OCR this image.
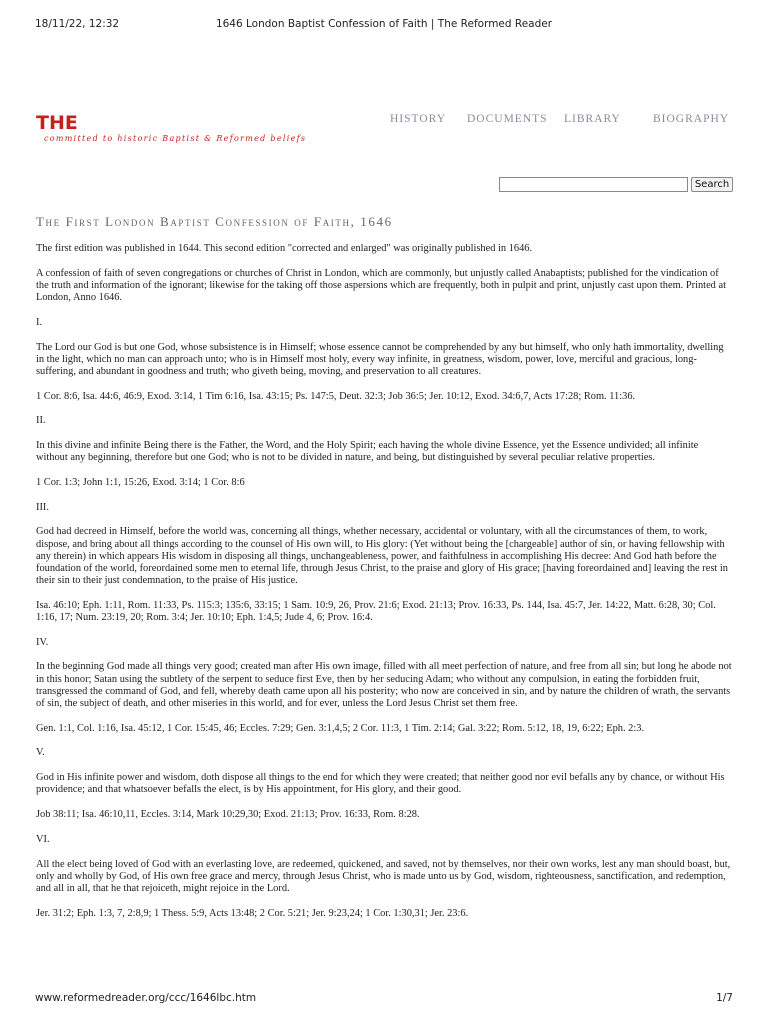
18/11/22, 12:32	1646 London Baptist Confession of Faith | The Reformed Reader
THE
committed to historic Baptist & Reformed beliefs
HISTORY DOCUMENTS LIBRARY	BIOGRAPHY
Search
The First London Baptist Confession of Faith, 1646

The first edition was published in 1644. This second edition "corrected and enlarged" was originally published in 1646.

A confession of faith of seven congregations or churches of Christ in London, which are commonly, but unjustly called Anabaptists; published for the vindication of the truth and information of the ignorant; likewise for the taking off those aspersions which are frequently, both in pulpit and print, unjustly cast upon them. Printed at London, Anno 1646.

I.

The Lord our God is but one God, whose subsistence is in Himself; whose essence cannot be comprehended by any but himself, who only hath immortality, dwelling in the light, which no man can approach unto; who is in Himself most holy, every way infinite, in greatness, wisdom, power, love, merciful and gracious, long-suffering, and abundant in goodness and truth; who giveth being, moving, and preservation to all creatures.

1 Cor. 8:6, Isa. 44:6, 46:9, Exod. 3:14, 1 Tim 6:16, Isa. 43:15; Ps. 147:5, Deut. 32:3; Job 36:5; Jer. 10:12, Exod. 34:6,7, Acts 17:28; Rom. 11:36.

II.

In this divine and infinite Being there is the Father, the Word, and the Holy Spirit; each having the whole divine Essence, yet the Essence undivided; all infinite without any beginning, therefore but one God; who is not to be divided in nature, and being, but distinguished by several peculiar relative properties.

1 Cor. 1:3; John 1:1, 15:26, Exod. 3:14; 1 Cor. 8:6

III.

God had decreed in Himself, before the world was, concerning all things, whether necessary, accidental or voluntary, with all the circumstances of them, to work, dispose, and bring about all things according to the counsel of His own will, to His glory: (Yet without being the [chargeable] author of sin, or having fellowship with any therein) in which appears His wisdom in disposing all things, unchangeableness, power, and faithfulness in accomplishing His decree: And God hath before the foundation of the world, foreordained some men to eternal life, through Jesus Christ, to the praise and glory of His grace; [having foreordained and] leaving the rest in their sin to their just condemnation, to the praise of His justice.

Isa. 46:10; Eph. 1:11, Rom. 11:33, Ps. 115:3; 135:6, 33:15; 1 Sam. 10:9, 26, Prov. 21:6; Exod. 21:13; Prov. 16:33, Ps. 144, Isa. 45:7, Jer. 14:22, Matt. 6:28, 30; Col. 1:16, 17; Num. 23:19, 20; Rom. 3:4; Jer. 10:10; Eph. 1:4,5; Jude 4, 6; Prov. 16:4.

IV.

In the beginning God made all things very good; created man after His own image, filled with all meet perfection of nature, and free from all sin; but long he abode not in this honor; Satan using the subtlety of the serpent to seduce first Eve, then by her seducing Adam; who without any compulsion, in eating the forbidden fruit, transgressed the command of God, and fell, whereby death came upon all his posterity; who now are conceived in sin, and by nature the children of wrath, the servants of sin, the subject of death, and other miseries in this world, and for ever, unless the Lord Jesus Christ set them free.

Gen. 1:1, Col. 1:16, Isa. 45:12, 1 Cor. 15:45, 46; Eccles. 7:29; Gen. 3:1,4,5; 2 Cor. 11:3, 1 Tim. 2:14; Gal. 3:22; Rom. 5:12, 18, 19, 6:22; Eph. 2:3.

V.

God in His infinite power and wisdom, doth dispose all things to the end for which they were created; that neither good nor evil befalls any by chance, or without His providence; and that whatsoever befalls the elect, is by His appointment, for His glory, and their good.

Job 38:11; Isa. 46:10,11, Eccles. 3:14, Mark 10:29,30; Exod. 21:13; Prov. 16:33, Rom. 8:28.

VI.

All the elect being loved of God with an everlasting love, are redeemed, quickened, and saved, not by themselves, nor their own works, lest any man should boast, but, only and wholly by God, of His own free grace and mercy, through Jesus Christ, who is made unto us by God, wisdom, righteousness, sanctification, and redemption, and all in all, that he that rejoiceth, might rejoice in the Lord.

Jer. 31:2; Eph. 1:3, 7, 2:8,9; 1 Thess. 5:9, Acts 13:48; 2 Cor. 5:21; Jer. 9:23,24; 1 Cor. 1:30,31; Jer. 23:6.

www.reformedreader.org/ccc/1646lbc.htm	1/7
